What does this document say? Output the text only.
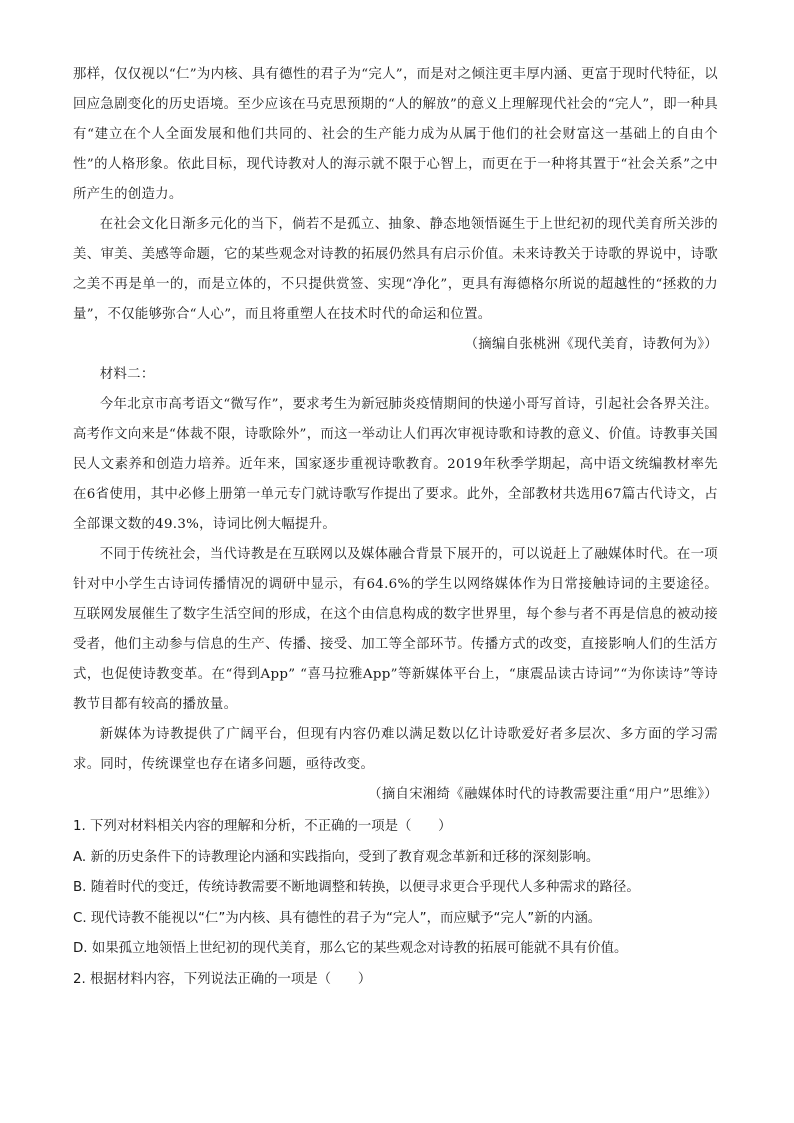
那样，仅仅视以“仁”为内核、具有德性的君子为“完人”，而是对之倾注更丰厚内涵、更富于现时代特征，以回应急剧变化的历史语境。至少应该在马克思预期的“人的解放”的意义上理解现代社会的“完人”，即一种具有“建立在个人全面发展和他们共同的、社会的生产能力成为从属于他们的社会财富这一基础上的自由个性”的人格形象。依此目标，现代诗教对人的海示就不限于心智上，而更在于一种将其置于“社会关系”之中所产生的创造力。

在社会文化日渐多元化的当下，倘若不是孤立、抽象、静态地领悟诞生于上世纪初的现代美育所关涉的美、审美、美感等命题，它的某些观念对诗教的拓展仍然具有启示价值。未来诗教关于诗歌的界说中，诗歌之美不再是单一的，而是立体的，不只提供赏签、实现“净化”，更具有海德格尔所说的超越性的“拯救的力量”，不仅能够弥合“人心”，而且将重塑人在技术时代的命运和位置。

（摘编自张桃洲《现代美育，诗教何为》）

材料二：

今年北京市高考语文“微写作”，要求考生为新冠肺炎疫情期间的快递小哥写首诗，引起社会各界关注。高考作文向来是“体裁不限，诗歌除外”，而这一举动让人们再次审视诗歌和诗教的意义、价值。诗教事关国民人文素养和创造力培养。近年来，国家逐步重视诗歌教育。2019年秋季学期起，高中语文统编教材率先在6省使用，其中必修上册第一单元专门就诗歌写作提出了要求。此外，全部教材共选用67篇古代诗文，占全部课文数的49.3%，诗词比例大幅提升。

不同于传统社会，当代诗教是在互联网以及媒体融合背景下展开的，可以说赶上了融媒体时代。在一项针对中小学生古诗词传播情况的调研中显示，有64.6%的学生以网络媒体作为日常接触诗词的主要途径。互联网发展催生了数字生活空间的形成，在这个由信息构成的数字世界里，每个参与者不再是信息的被动接受者，他们主动参与信息的生产、传播、接受、加工等全部环节。传播方式的改变，直接影响人们的生活方式，也促使诗教变革。在“得到App” “喜马拉雅App”等新媒体平台上，“康震品读古诗词”“为你读诗”等诗教节目都有较高的播放量。

新媒体为诗教提供了广阔平台，但现有内容仍难以满足数以亿计诗歌爱好者多层次、多方面的学习需求。同时，传统课堂也存在诸多问题，亟待改变。

（摘自宋湘绮《融媒体时代的诗教需要注重“用户”思维》）

1. 下列对材料相关内容的理解和分析，不正确的一项是（　　）

A. 新的历史条件下的诗教理论内涵和实践指向，受到了教育观念革新和迁移的深刻影响。

B. 随着时代的变迁，传统诗教需要不断地调整和转换，以便寻求更合乎现代人多种需求的路径。

C. 现代诗教不能视以“仁”为内核、具有德性的君子为“完人”，而应赋予“完人”新的内涵。

D. 如果孤立地领悟上世纪初的现代美育，那么它的某些观念对诗教的拓展可能就不具有价值。

2. 根据材料内容，下列说法正确的一项是（　　）
